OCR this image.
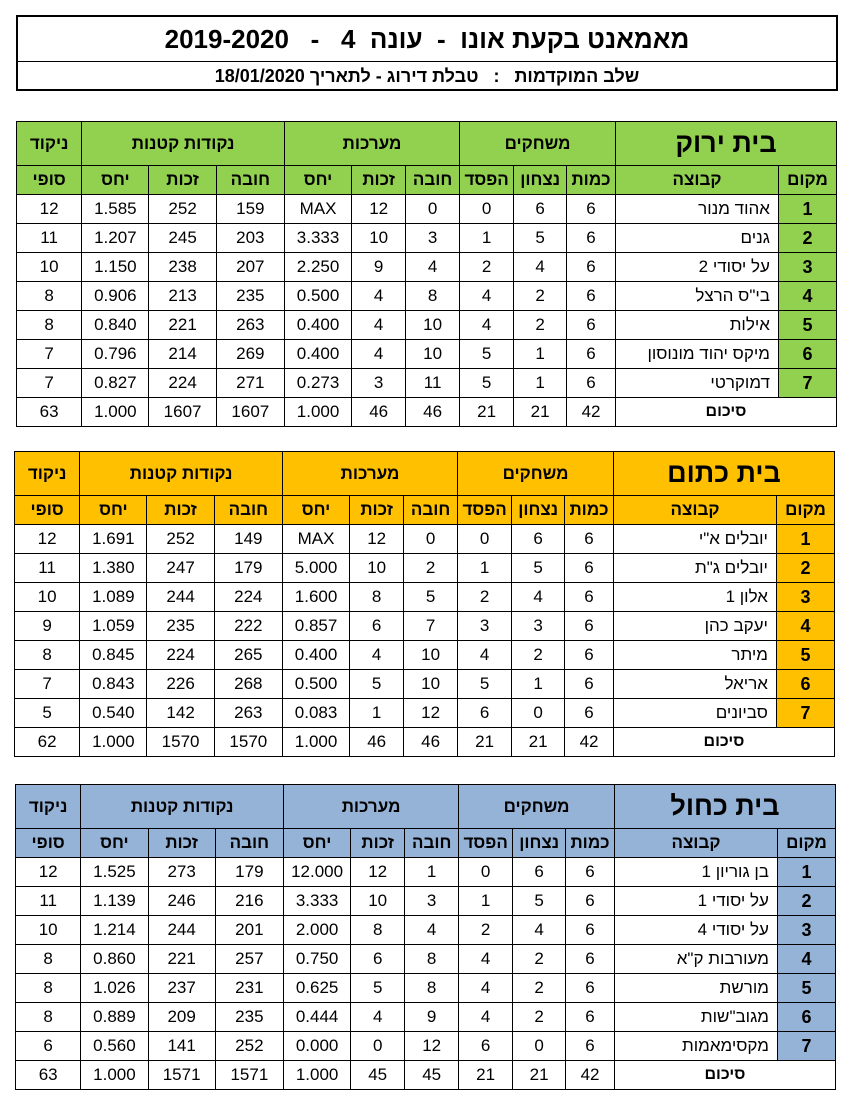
מאמאנט בקעת אונו  -  עונה  4   -   2019-2020
שלב המוקדמות   :   טבלת דירוג - לתאריך 18/01/2020
בית ירוק		משחקים			מערכות			נקודות קטנות			ניקוד
מקום	קבוצה	כמות	נצחון	הפסד	חובה	זכות	יחס	חובה	זכות	יחס	סופי
1	אהוד מנור	6	6	0	0	12	MAX	159	252	1.585	12
2	גנים	6	5	1	3	10	3.333	203	245	1.207	11
3	על יסודי 2	6	4	2	4	9	2.250	207	238	1.150	10
4	בי"ס הרצל	6	2	4	8	4	0.500	235	213	0.906	8
5	אילות	6	2	4	10	4	0.400	263	221	0.840	8
6	מיקס יהוד מונוסון	6	1	5	10	4	0.400	269	214	0.796	7
7	דמוקרטי	6	1	5	11	3	0.273	271	224	0.827	7
סיכום		42	21	21	46	46	1.000	1607	1607	1.000	63
בית כתום		משחקים			מערכות			נקודות קטנות			ניקוד
מקום	קבוצה	כמות	נצחון	הפסד	חובה	זכות	יחס	חובה	זכות	יחס	סופי
1	יובלים א"י	6	6	0	0	12	MAX	149	252	1.691	12
2	יובלים ג"ת	6	5	1	2	10	5.000	179	247	1.380	11
3	אלון 1	6	4	2	5	8	1.600	224	244	1.089	10
4	יעקב כהן	6	3	3	7	6	0.857	222	235	1.059	9
5	מיתר	6	2	4	10	4	0.400	265	224	0.845	8
6	אריאל	6	1	5	10	5	0.500	268	226	0.843	7
7	סביונים	6	0	6	12	1	0.083	263	142	0.540	5
סיכום		42	21	21	46	46	1.000	1570	1570	1.000	62
בית כחול		משחקים			מערכות			נקודות קטנות			ניקוד
מקום	קבוצה	כמות	נצחון	הפסד	חובה	זכות	יחס	חובה	זכות	יחס	סופי
1	בן גוריון 1	6	6	0	1	12	12.000	179	273	1.525	12
2	על יסודי 1	6	5	1	3	10	3.333	216	246	1.139	11
3	על יסודי 4	6	4	2	4	8	2.000	201	244	1.214	10
4	מעורבות ק"א	6	2	4	8	6	0.750	257	221	0.860	8
5	מורשת	6	2	4	8	5	0.625	231	237	1.026	8
6	מגוב"שות	6	2	4	9	4	0.444	235	209	0.889	8
7	מקסימאמות	6	0	6	12	0	0.000	252	141	0.560	6
סיכום		42	21	21	45	45	1.000	1571	1571	1.000	63
